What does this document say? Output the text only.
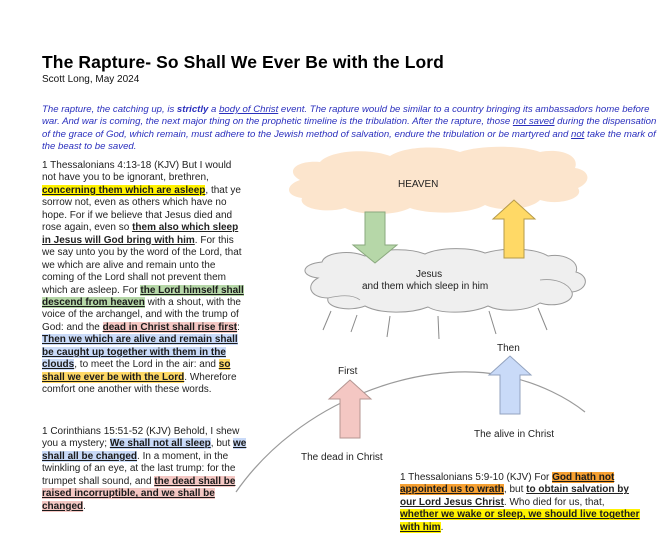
The Rapture- So Shall We Ever Be with the Lord
Scott Long, May 2024
The rapture, the catching up, is strictly a body of Christ event. The rapture would be similar to a country bringing its ambassadors home before war. And war is coming, the next major thing on the prophetic timeline is the tribulation. After the rapture, those not saved during the dispensation of the grace of God, which remain, must adhere to the Jewish method of salvation, endure the tribulation or be martyred and not take the mark of the beast to be saved.
1 Thessalonians 4:13-18 (KJV) But I would not have you to be ignorant, brethren, concerning them which are asleep, that ye sorrow not, even as others which have no hope. For if we believe that Jesus died and rose again, even so them also which sleep in Jesus will God bring with him. For this we say unto you by the word of the Lord, that we which are alive and remain unto the coming of the Lord shall not prevent them which are asleep. For the Lord himself shall descend from heaven with a shout, with the voice of the archangel, and with the trump of God: and the dead in Christ shall rise first: Then we which are alive and remain shall be caught up together with them in the clouds, to meet the Lord in the air: and so shall we ever be with the Lord. Wherefore comfort one another with these words.
1 Corinthians 15:51-52 (KJV) Behold, I shew you a mystery; We shall not all sleep, but we shall all be changed. In a moment, in the twinkling of an eye, at the last trump: for the trumpet shall sound, and the dead shall be raised incorruptible, and we shall be changed.
HEAVEN
Jesus
and them which sleep in him
Then
First
The alive in Christ
The dead in Christ
1 Thessalonians 5:9-10 (KJV) For God hath not appointed us to wrath, but to obtain salvation by our Lord Jesus Christ. Who died for us, that, whether we wake or sleep, we should live together with him.
